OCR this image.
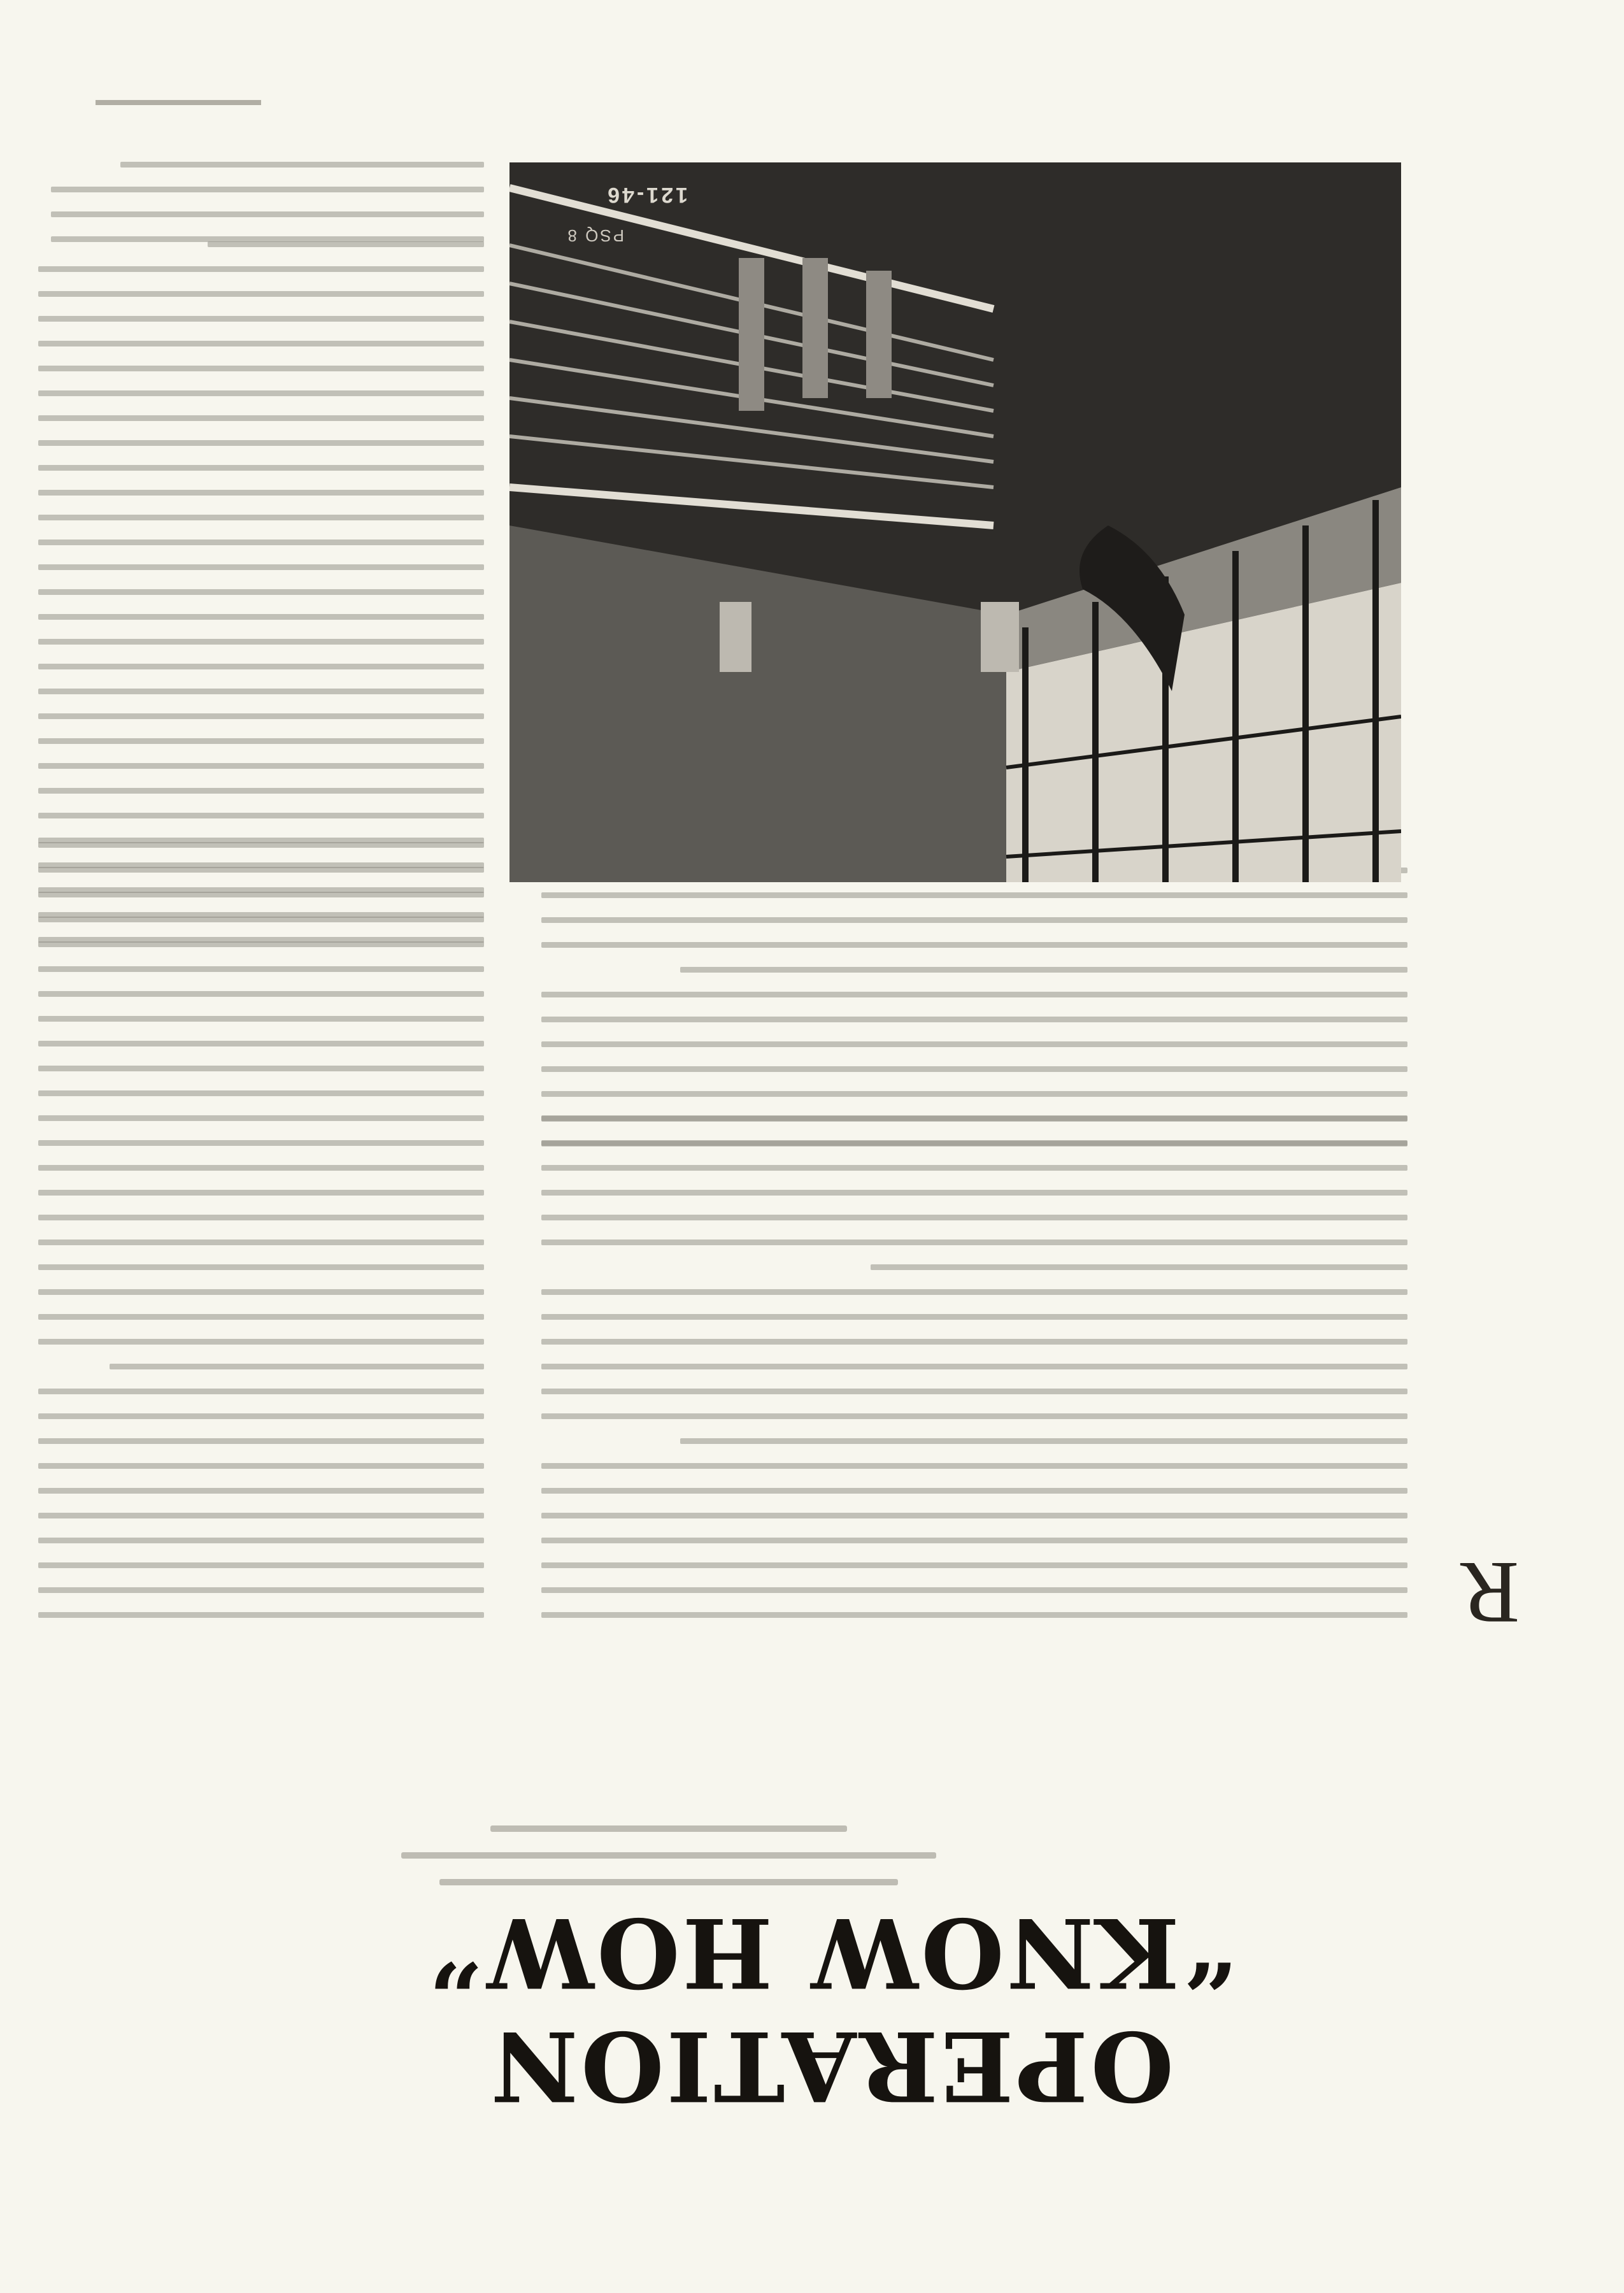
OPERATION
“KNOW HOW”
R
121-46
PSQ 8
